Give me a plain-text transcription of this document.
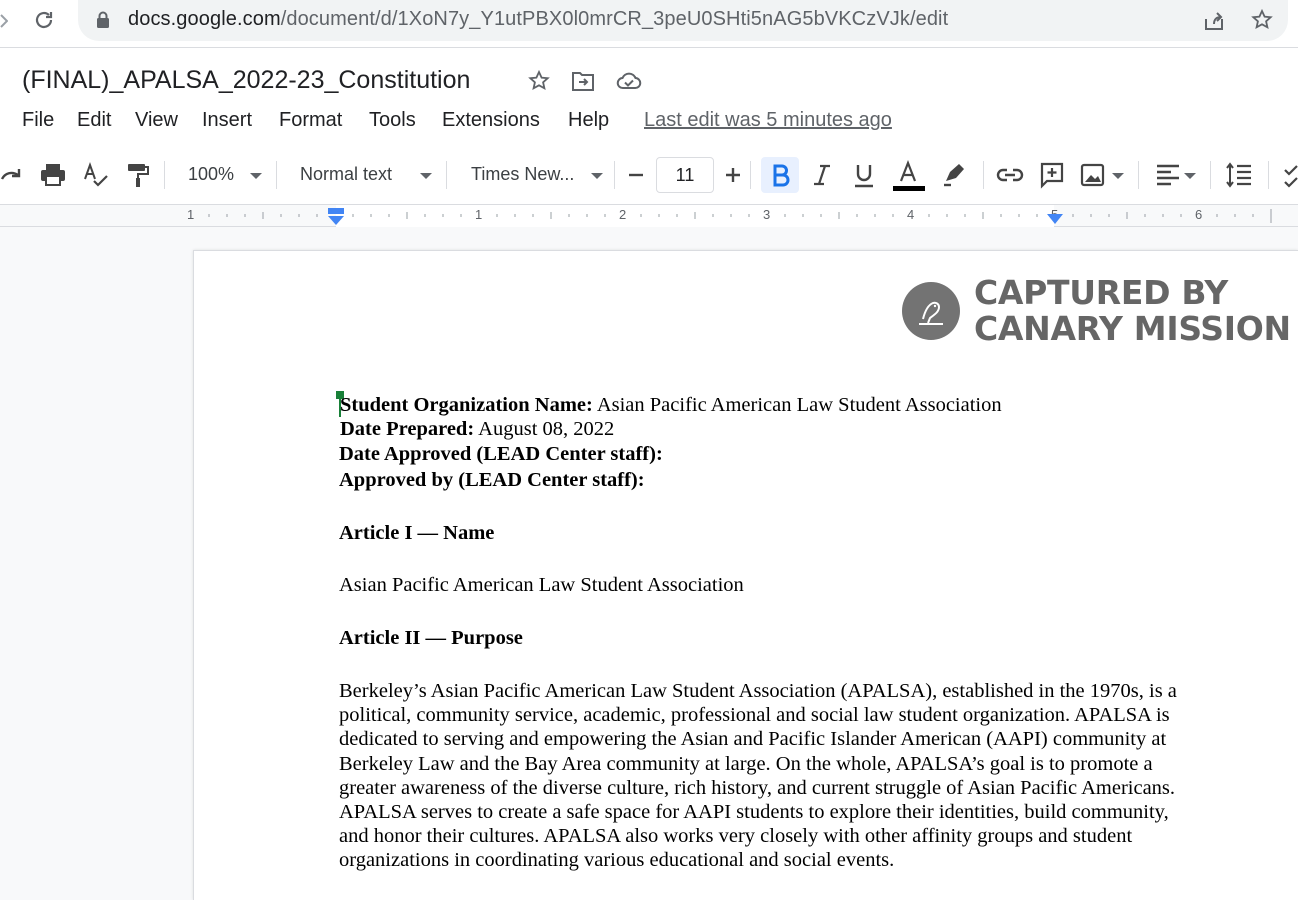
docs.google.com/document/d/1XoN7y_Y1utPBX0l0mrCR_3peU0SHti5nAG5bVKCzVJk/edit
(FINAL)_APALSA_2022-23_Constitution
File Edit View Insert Format Tools Extensions Help Last edit was 5 minutes ago
100%	Normal text	Times New...	11
1	1	2	3	4	6
CAPTURED BY
CANARY MISSION
Student Organization Name: Asian Pacific American Law Student Association
Date Prepared: August 08, 2022
Date Approved (LEAD Center staff):
Approved by (LEAD Center staff):
Article I — Name
Asian Pacific American Law Student Association
Article II — Purpose
Berkeley’s Asian Pacific American Law Student Association (APALSA), established in the 1970s, is a
political, community service, academic, professional and social law student organization. APALSA is
dedicated to serving and empowering the Asian and Pacific Islander American (AAPI) community at
Berkeley Law and the Bay Area community at large. On the whole, APALSA’s goal is to promote a
greater awareness of the diverse culture, rich history, and current struggle of Asian Pacific Americans.
APALSA serves to create a safe space for AAPI students to explore their identities, build community,
and honor their cultures. APALSA also works very closely with other affinity groups and student
organizations in coordinating various educational and social events.
